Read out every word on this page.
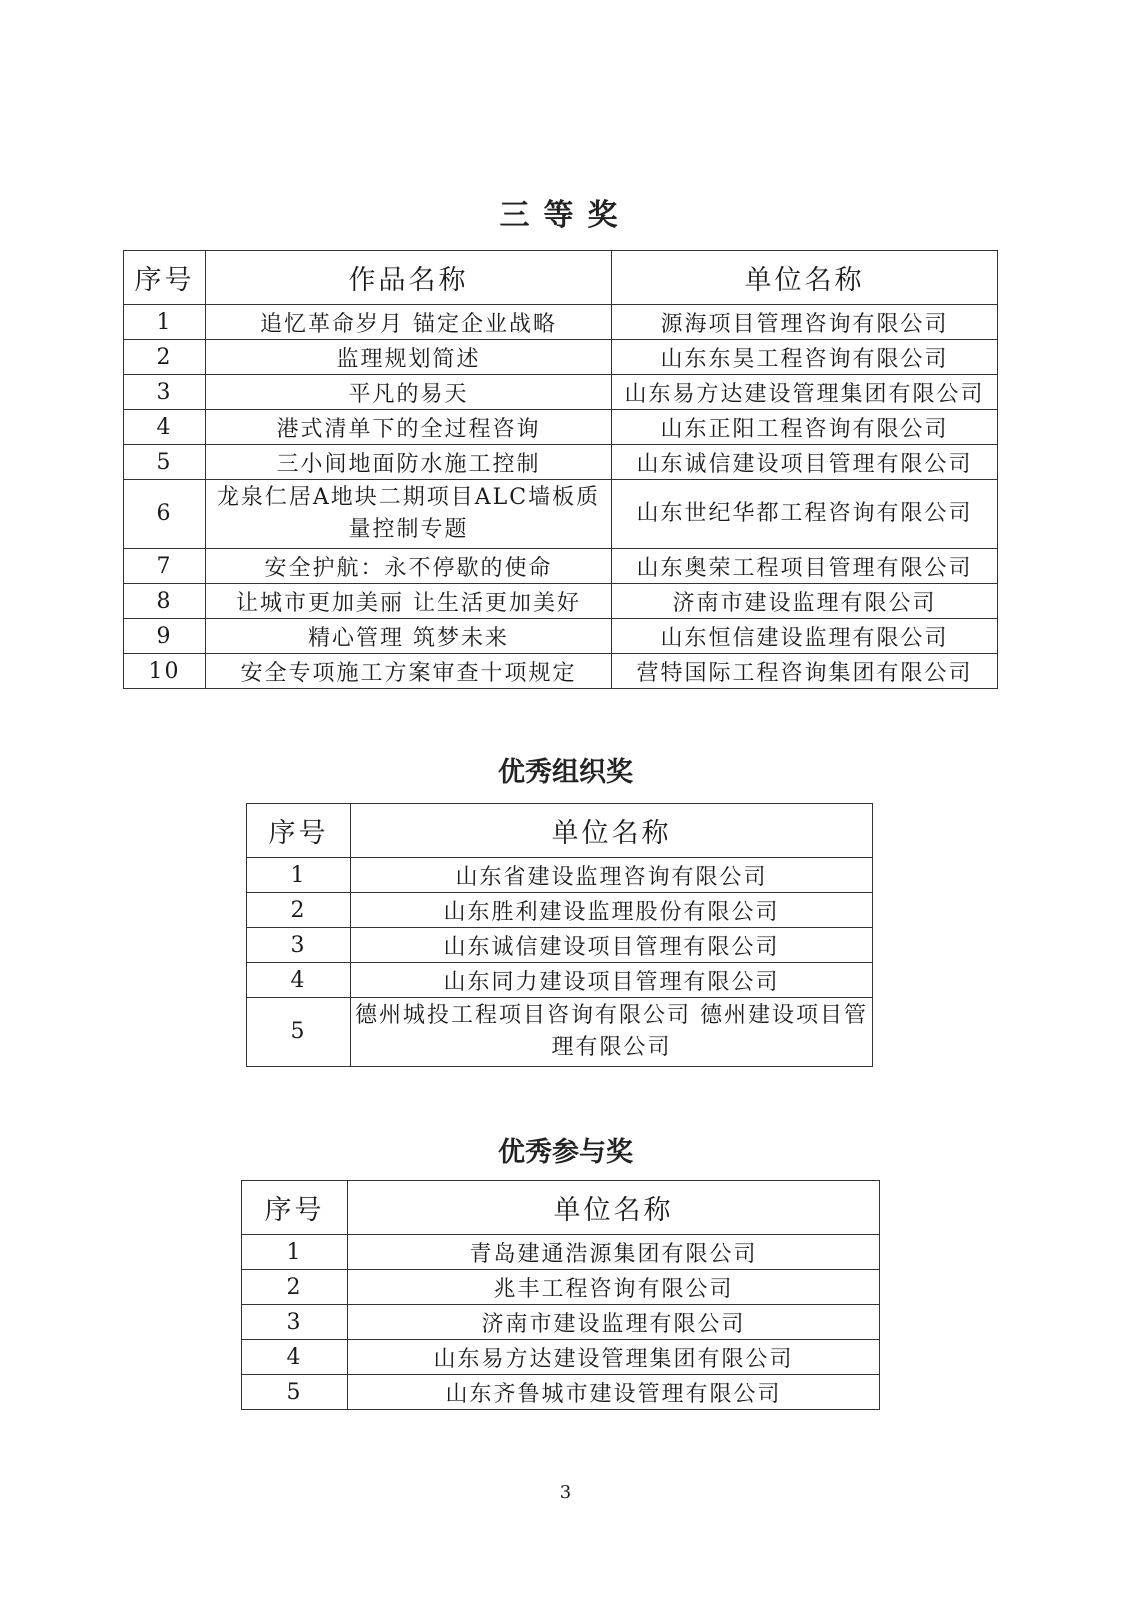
三等奖
序号	作品名称	单位名称
1	追忆革命岁月 锚定企业战略	源海项目管理咨询有限公司
2	监理规划简述	山东东昊工程咨询有限公司
3	平凡的易天	山东易方达建设管理集团有限公司
4	港式清单下的全过程咨询	山东正阳工程咨询有限公司
5	三小间地面防水施工控制	山东诚信建设项目管理有限公司
6	龙泉仁居A地块二期项目ALC墙板质量控制专题	山东世纪华都工程咨询有限公司
7	安全护航：永不停歇的使命	山东奥荣工程项目管理有限公司
8	让城市更加美丽 让生活更加美好	济南市建设监理有限公司
9	精心管理 筑梦未来	山东恒信建设监理有限公司
10	安全专项施工方案审查十项规定	营特国际工程咨询集团有限公司
优秀组织奖
序号	单位名称
1	山东省建设监理咨询有限公司
2	山东胜利建设监理股份有限公司
3	山东诚信建设项目管理有限公司
4	山东同力建设项目管理有限公司
5	德州城投工程项目咨询有限公司 德州建设项目管理有限公司
优秀参与奖
序号	单位名称
1	青岛建通浩源集团有限公司
2	兆丰工程咨询有限公司
3	济南市建设监理有限公司
4	山东易方达建设管理集团有限公司
5	山东齐鲁城市建设管理有限公司
3
